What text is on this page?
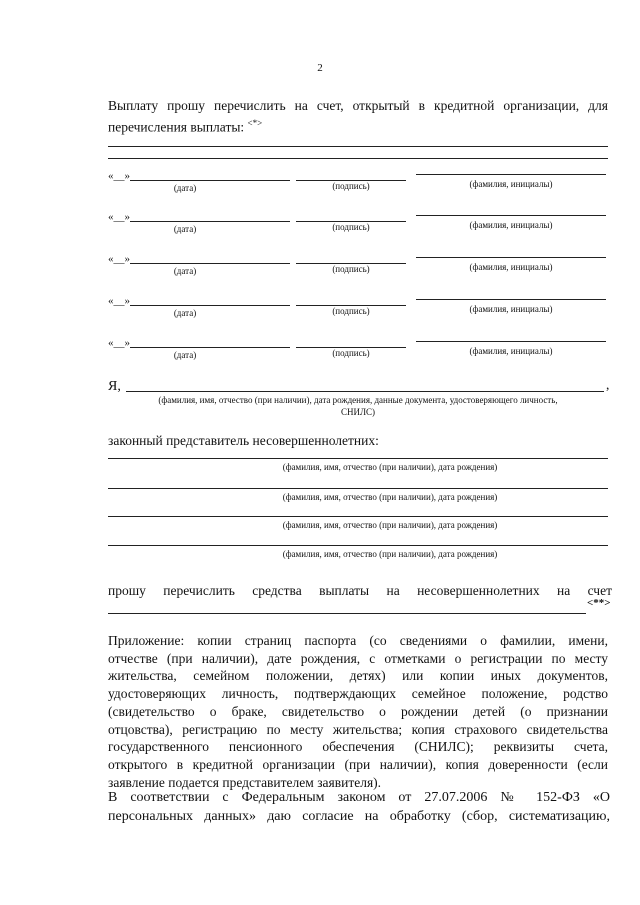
2
Выплату прошу перечислить на счет, открытый в кредитной организации, для
перечисления выплаты: <*>
«__»
(дата)	(подпись)	(фамилия, инициалы)
«__»
(дата)	(подпись)	(фамилия, инициалы)
«__»
(дата)	(подпись)	(фамилия, инициалы)
«__»
(дата)	(подпись)	(фамилия, инициалы)
«__»
(дата)	(подпись)	(фамилия, инициалы)
Я,	,
(фамилия, имя, отчество (при наличии), дата рождения, данные документа, удостоверяющего личность,
СНИЛС)
законный представитель несовершеннолетних:
(фамилия, имя, отчество (при наличии), дата рождения)
(фамилия, имя, отчество (при наличии), дата рождения)
(фамилия, имя, отчество (при наличии), дата рождения)
(фамилия, имя, отчество (при наличии), дата рождения)
прошу перечислить средства выплаты на несовершеннолетних на счет
<**>
Приложение: копии страниц паспорта (со сведениями о фамилии, имени,
отчестве (при наличии), дате рождения, с отметками о регистрации по месту
жительства, семейном положении, детях) или копии иных документов,
удостоверяющих личность, подтверждающих семейное положение, родство
(свидетельство о браке, свидетельство о рождении детей (о признании
отцовства), регистрацию по месту жительства; копия страхового свидетельства
государственного пенсионного обеспечения (СНИЛС); реквизиты счета,
открытого в кредитной организации (при наличии), копия доверенности (если
заявление подается представителем заявителя).
В соответствии с Федеральным законом от 27.07.2006 № 152-ФЗ «О
персональных данных» даю согласие на обработку (сбор, систематизацию,
